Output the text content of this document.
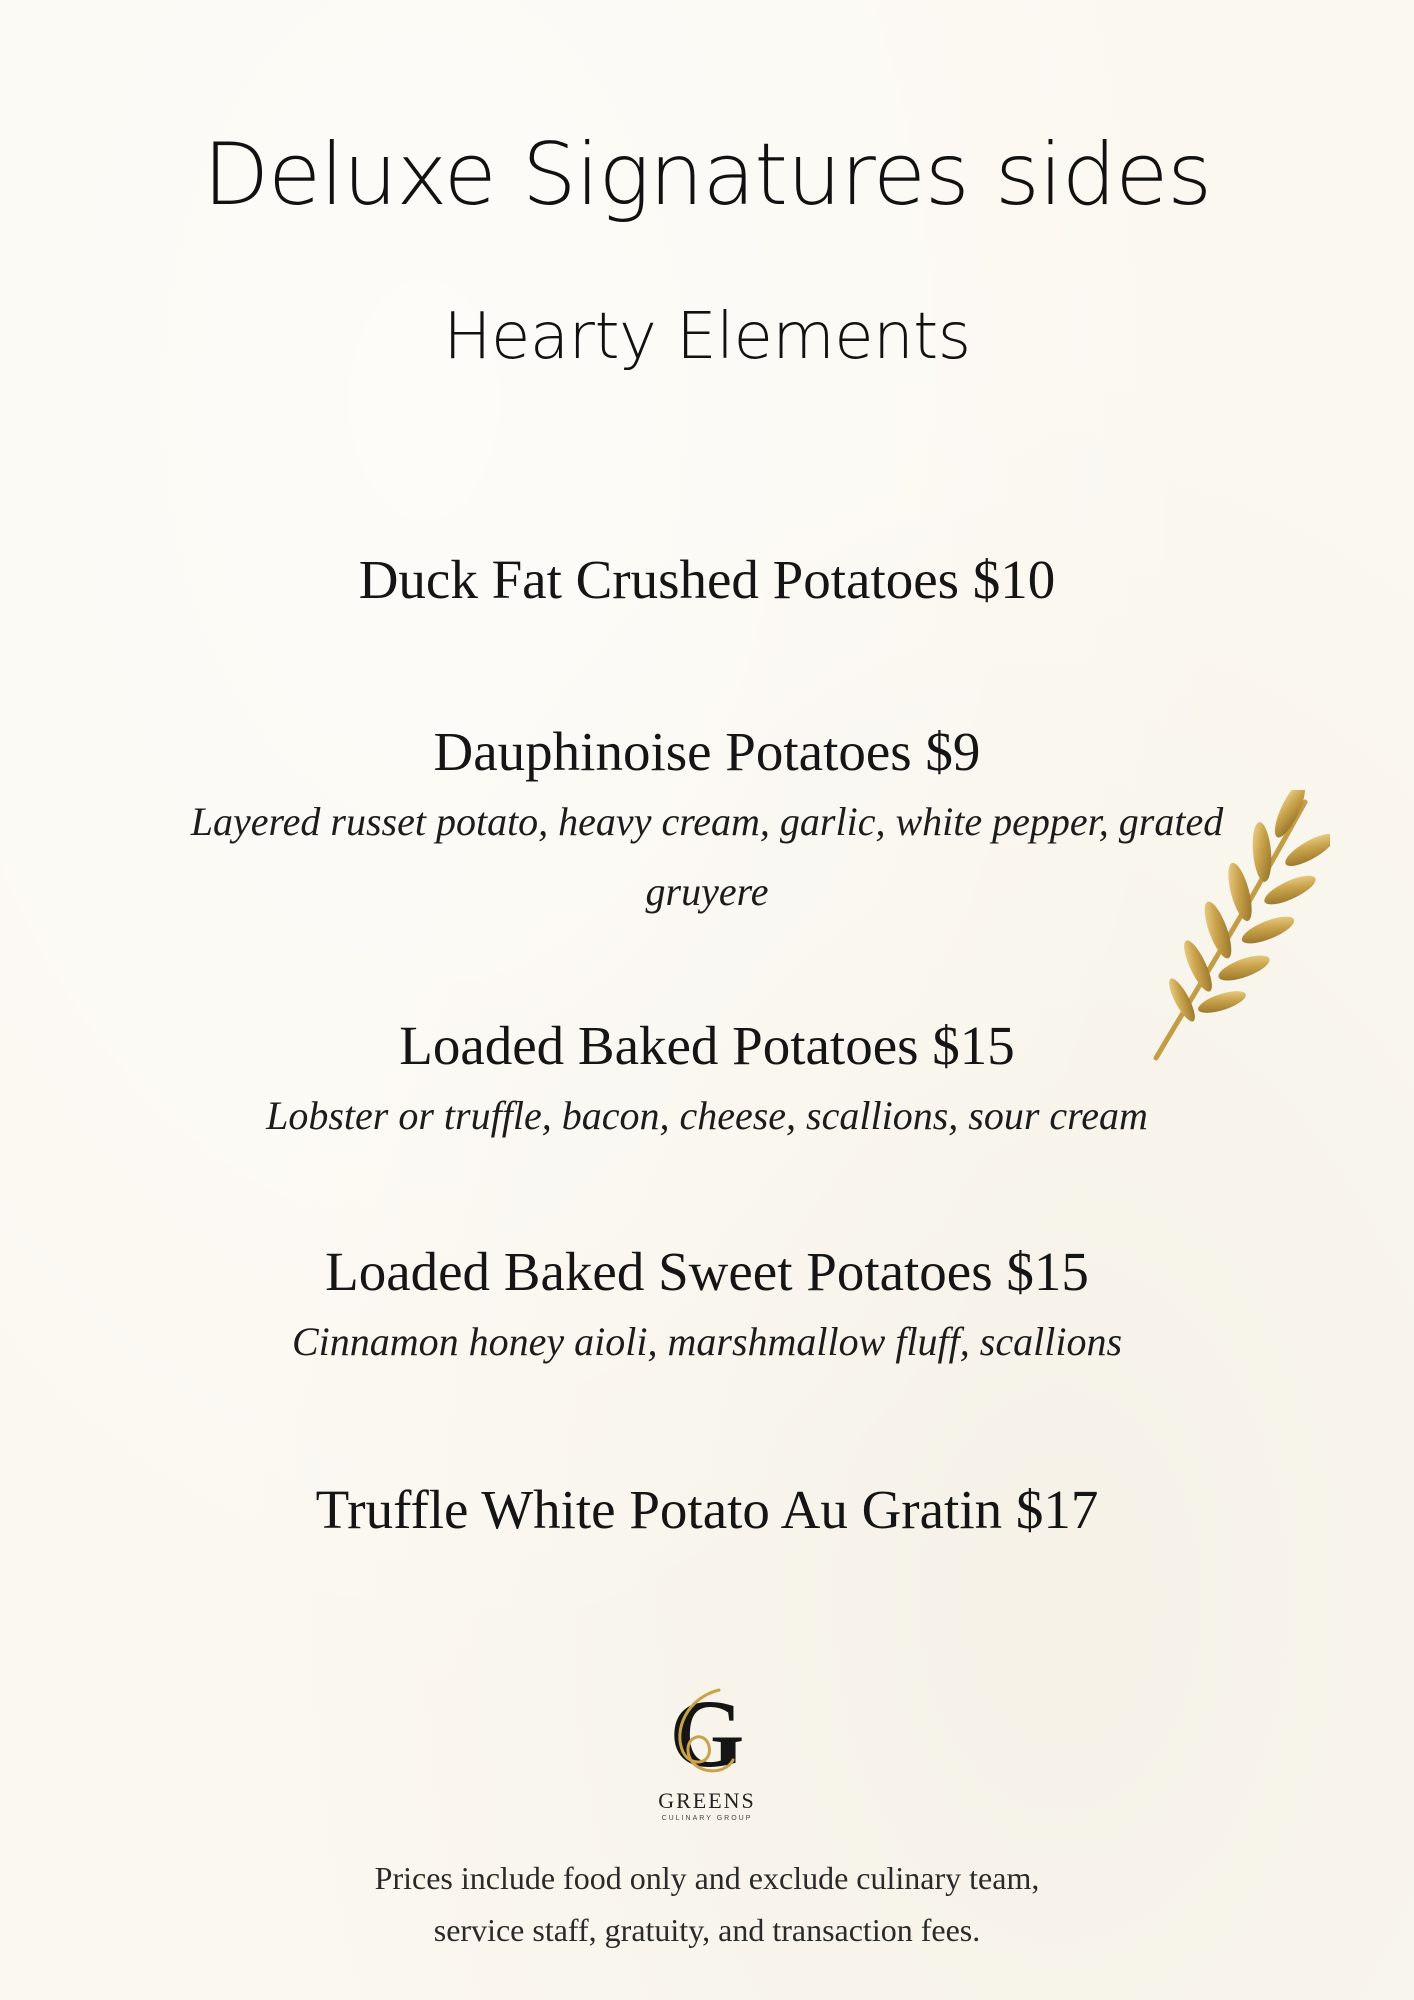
Deluxe Signatures sides
Hearty Elements

Duck Fat Crushed Potatoes $10

Dauphinoise Potatoes $9

Layered russet potato, heavy cream, garlic, white pepper, grated gruyere

Loaded Baked Potatoes $15

Lobster or truffle, bacon, cheese, scallions, sour cream

Loaded Baked Sweet Potatoes $15

Cinnamon honey aioli, marshmallow fluff, scallions

Truffle White Potato Au Gratin $17

G
GREENS
CULINARY GROUP

Prices include food only and exclude culinary team,

service staff, gratuity, and transaction fees.
